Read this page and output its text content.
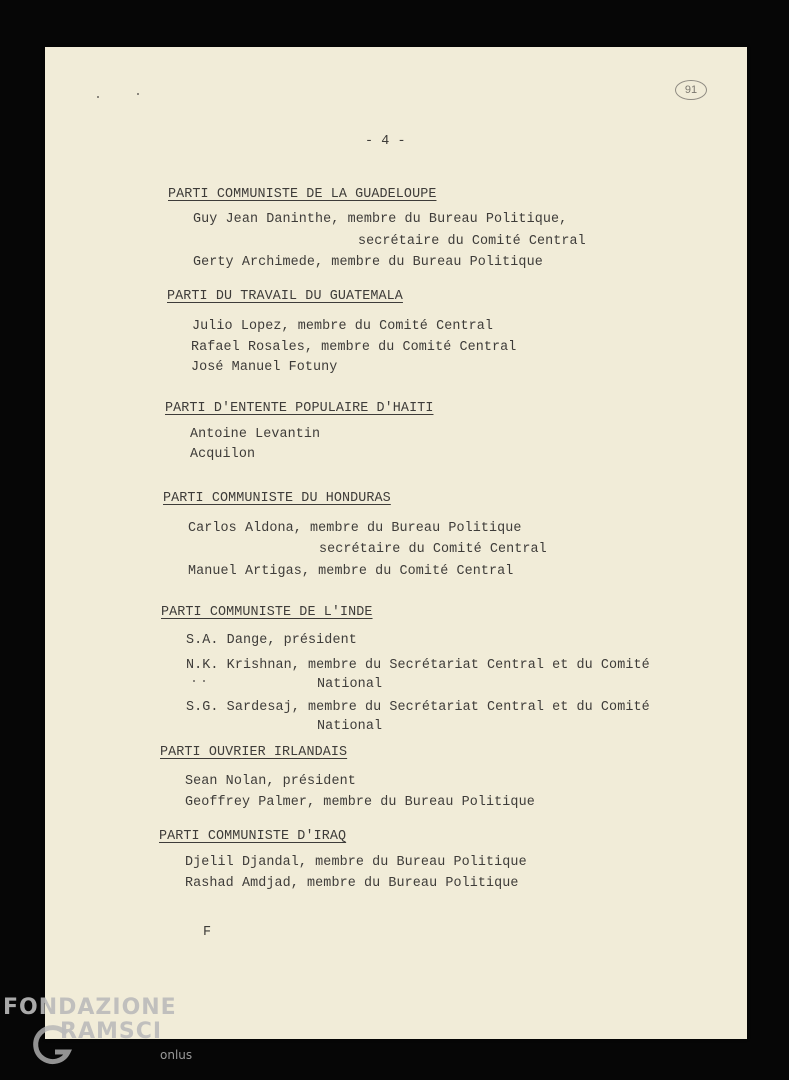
91
- 4 -
PARTI COMMUNISTE DE LA GUADELOUPE
Guy Jean Daninthe, membre du Bureau Politique,
secrétaire du Comité Central
Gerty Archimede, membre du Bureau Politique
PARTI DU TRAVAIL DU GUATEMALA
Julio Lopez, membre du Comité Central
Rafael Rosales, membre du Comité Central
José Manuel Fotuny
PARTI D'ENTENTE POPULAIRE D'HAITI
Antoine Levantin
Acquilon
PARTI COMMUNISTE DU HONDURAS
Carlos Aldona, membre du Bureau Politique
secrétaire du Comité Central
Manuel Artigas, membre du Comité Central
PARTI COMMUNISTE DE L'INDE
S.A. Dange, président
N.K. Krishnan, membre du Secrétariat Central et du Comité
National
S.G. Sardesaj, membre du Secrétariat Central et du Comité
National
PARTI OUVRIER IRLANDAIS
Sean Nolan, président
Geoffrey Palmer, membre du Bureau Politique
PARTI COMMUNISTE D'IRAQ
Djelil Djandal, membre du Bureau Politique
Rashad Amdjad, membre du Bureau Politique
F
FONDAZIONE
RAMSCI
onlus
